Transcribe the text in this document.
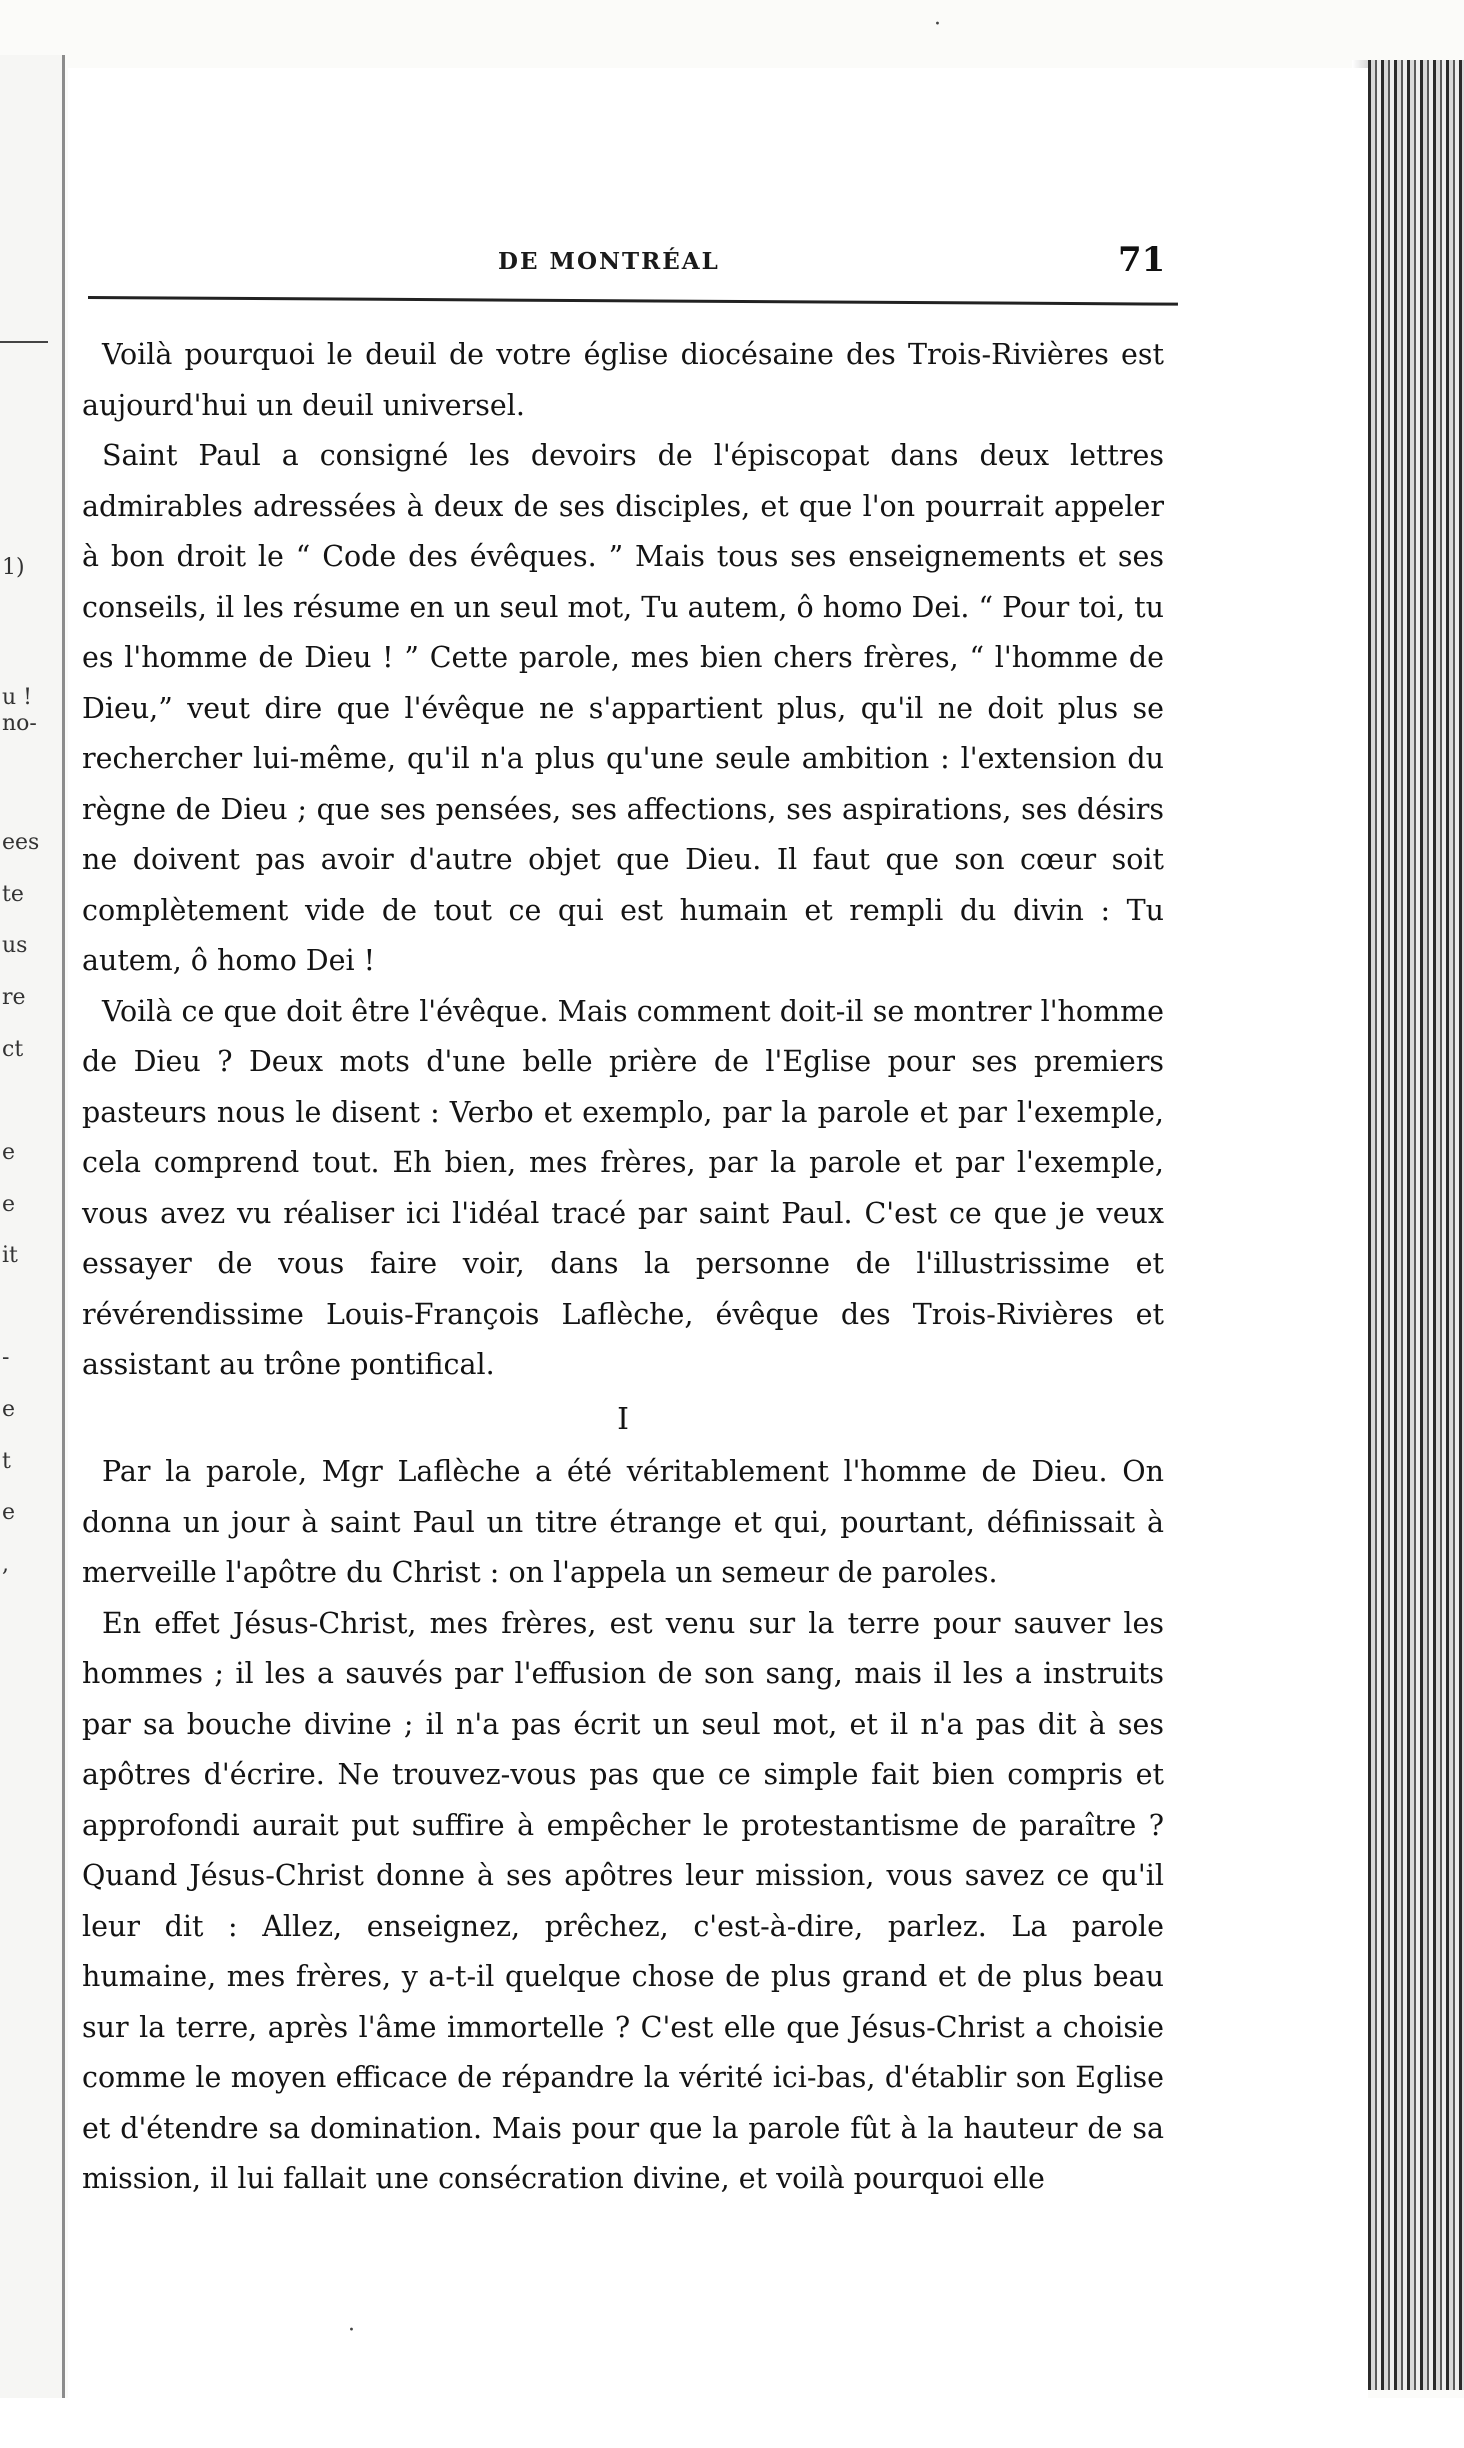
1)
u !
no-
ees
te
us
re
ct
e
e
it
-
e
t
e
,
DE MONTRÉAL	71

Voilà pourquoi le deuil de votre église diocésaine des Trois-Rivières est aujourd'hui un deuil universel.

Saint Paul a consigné les devoirs de l'épiscopat dans deux lettres admirables adressées à deux de ses disciples, et que l'on pourrait appeler à bon droit le “ Code des évêques. ” Mais tous ses enseignements et ses conseils, il les résume en un seul mot, Tu autem, ô homo Dei. “ Pour toi, tu es l'homme de Dieu ! ” Cette parole, mes bien chers frères, “ l'homme de Dieu,” veut dire que l'évêque ne s'appartient plus, qu'il ne doit plus se rechercher lui-même, qu'il n'a plus qu'une seule ambition : l'extension du règne de Dieu ; que ses pensées, ses affections, ses aspirations, ses désirs ne doivent pas avoir d'autre objet que Dieu. Il faut que son cœur soit complètement vide de tout ce qui est humain et rempli du divin : Tu autem, ô homo Dei !

Voilà ce que doit être l'évêque. Mais comment doit-il se montrer l'homme de Dieu ? Deux mots d'une belle prière de l'Eglise pour ses premiers pasteurs nous le disent : Verbo et exemplo, par la parole et par l'exemple, cela comprend tout. Eh bien, mes frères, par la parole et par l'exemple, vous avez vu réaliser ici l'idéal tracé par saint Paul. C'est ce que je veux essayer de vous faire voir, dans la personne de l'illustrissime et révérendissime Louis-François Laflèche, évêque des Trois-Rivières et assistant au trône pontifical.

I

Par la parole, Mgr Laflèche a été véritablement l'homme de Dieu. On donna un jour à saint Paul un titre étrange et qui, pourtant, définissait à merveille l'apôtre du Christ : on l'appela un semeur de paroles.

En effet Jésus-Christ, mes frères, est venu sur la terre pour sauver les hommes ; il les a sauvés par l'effusion de son sang, mais il les a instruits par sa bouche divine ; il n'a pas écrit un seul mot, et il n'a pas dit à ses apôtres d'écrire. Ne trouvez-vous pas que ce simple fait bien compris et approfondi aurait put suffire à empêcher le protestantisme de paraître ? Quand Jésus-Christ donne à ses apôtres leur mission, vous savez ce qu'il leur dit : Allez, enseignez, prêchez, c'est-à-dire, parlez. La parole humaine, mes frères, y a-t-il quelque chose de plus grand et de plus beau sur la terre, après l'âme immortelle ? C'est elle que Jésus-Christ a choisie comme le moyen efficace de répandre la vérité ici-bas, d'établir son Eglise et d'étendre sa domination. Mais pour que la parole fût à la hauteur de sa mission, il lui fallait une consécration divine, et voilà pourquoi elle

·
·
